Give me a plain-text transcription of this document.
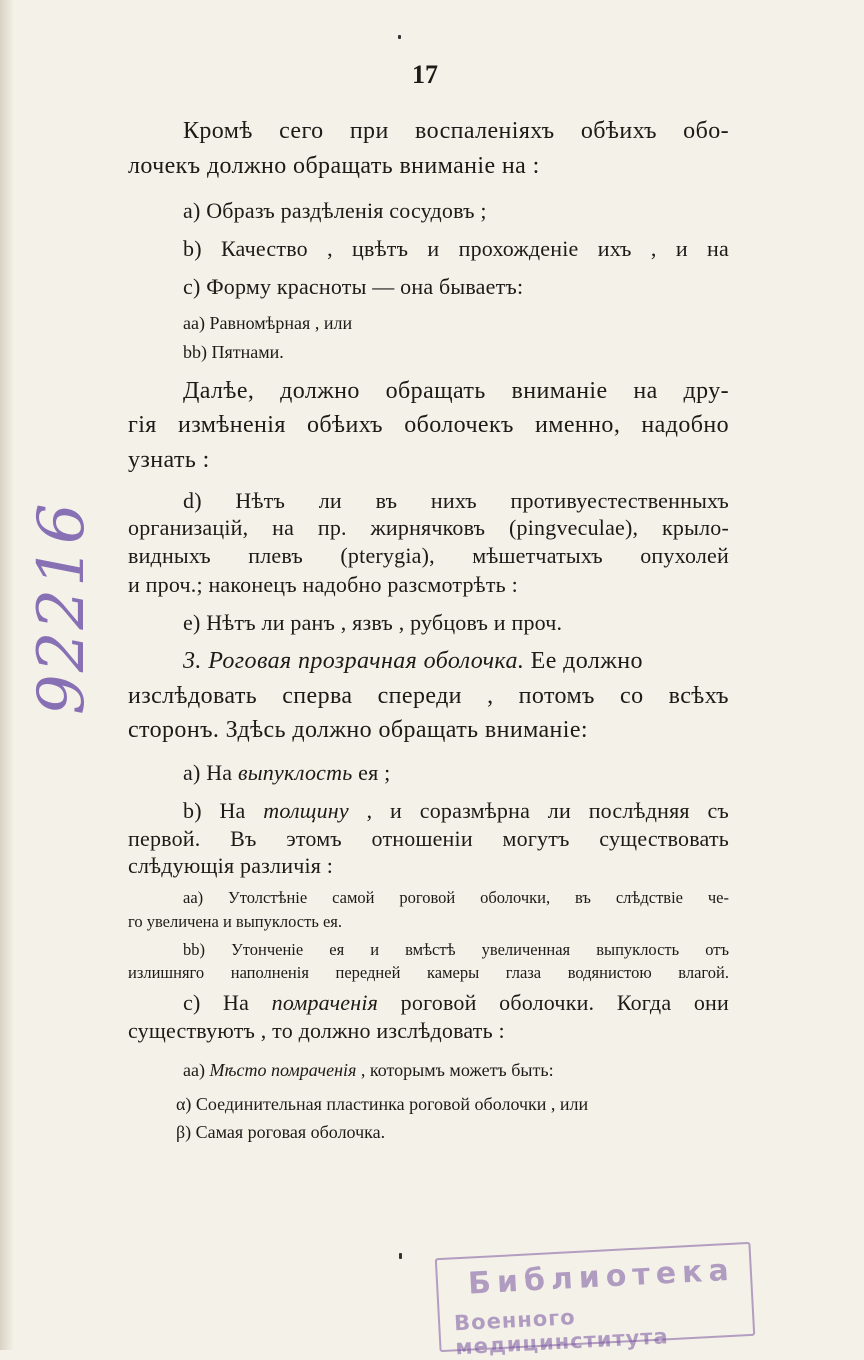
17
Кромѣ сего при воспаленіяхъ обѣихъ обо-
лочекъ должно обращать вниманіе на :
a) Образъ раздѣленія сосудовъ ;
b) Качество , цвѣтъ и прохожденіе ихъ , и на
c) Форму красноты — она бываетъ:
aa) Равномѣрная , или
bb) Пятнами.
Далѣе, должно обращать вниманіе на дру-
гія измѣненія обѣихъ оболочекъ именно, надобно
узнать :
d) Нѣтъ ли въ нихъ противуестественныхъ
организацій, на пр. жирнячковъ (pingveculae), крыло-
видныхъ плевъ (pterygia), мѣшетчатыхъ опухолей
и проч.; наконецъ надобно разсмотрѣть :
e) Нѣтъ ли ранъ , язвъ , рубцовъ и проч.
3. Роговая прозрачная оболочка. Ее должно
изслѣдовать сперва спереди , потомъ со всѣхъ
сторонъ. Здѣсь должно обращать вниманіе:
a) На выпуклость ея ;
b) На толщину , и соразмѣрна ли послѣдняя съ
первой. Въ этомъ отношеніи могутъ существовать
слѣдующія различія :
aa) Утолстѣніе самой роговой оболочки, въ слѣдствіе че-
го увеличена и выпуклость ея.
bb) Утонченіе ея и вмѣстѣ увеличенная выпуклость отъ
излишняго наполненія передней камеры глаза водянистою влагой.
c) На помраченія роговой оболочки. Когда они
существуютъ , то должно изслѣдовать :
aa) Мѣсто помраченія , которымъ можетъ быть:
α) Соединительная пластинка роговой оболочки , или
β) Самая роговая оболочка.
92216
Библиотека
Военного медицинститута
